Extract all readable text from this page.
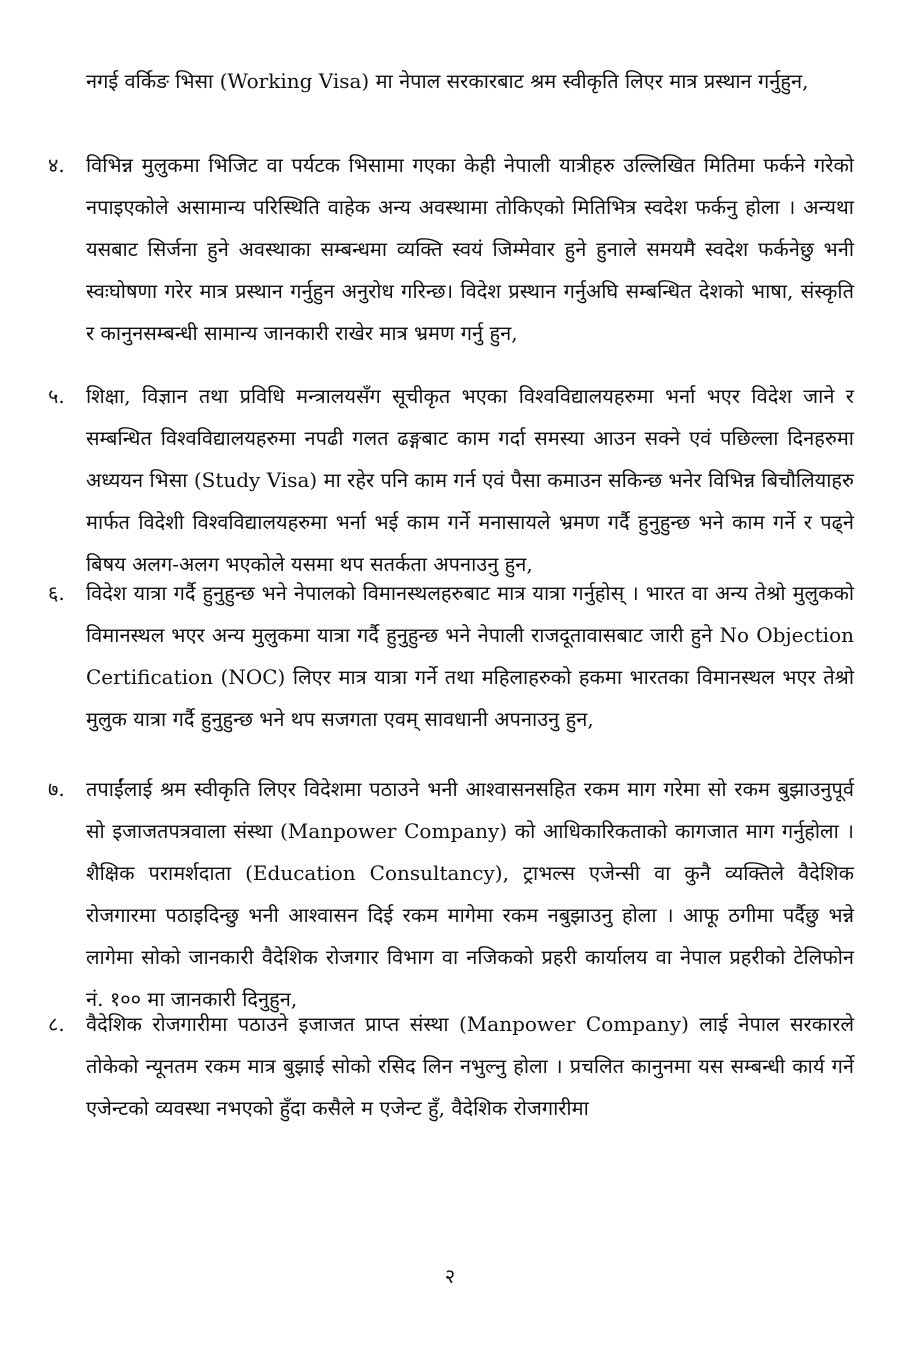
नगई वर्किङ भिसा (Working Visa) मा नेपाल सरकारबाट श्रम स्वीकृति लिएर मात्र प्रस्थान गर्नुहुन,

४.	विभिन्न मुलुकमा भिजिट वा पर्यटक भिसामा गएका केही नेपाली यात्रीहरु उल्लिखित मितिमा फर्कने गरेको नपाइएकोले असामान्य परिस्थिति वाहेक अन्य अवस्थामा तोकिएको मितिभित्र स्वदेश फर्कनु होला । अन्यथा यसबाट सिर्जना हुने अवस्थाका सम्बन्धमा व्यक्ति स्वयं जिम्मेवार हुने हुनाले समयमै स्वदेश फर्कनेछु भनी स्वःघोषणा गरेर मात्र प्रस्थान गर्नुहुन अनुरोध गरिन्छ। विदेश प्रस्थान गर्नुअघि सम्बन्धित देशको भाषा, संस्कृति र कानुनसम्बन्धी सामान्य जानकारी राखेर मात्र भ्रमण गर्नु हुन,
५.	शिक्षा, विज्ञान तथा प्रविधि मन्त्रालयसँग सूचीकृत भएका विश्वविद्यालयहरुमा भर्ना भएर विदेश जाने र सम्बन्धित विश्वविद्यालयहरुमा नपढी गलत ढङ्गबाट काम गर्दा समस्या आउन सक्ने एवं पछिल्ला दिनहरुमा अध्ययन भिसा (Study Visa) मा रहेर पनि काम गर्न एवं पैसा कमाउन सकिन्छ भनेर विभिन्न बिचौलियाहरु मार्फत विदेशी विश्वविद्यालयहरुमा भर्ना भई काम गर्ने मनासायले भ्रमण गर्दै हुनुहुन्छ भने काम गर्ने र पढ्ने बिषय अलग-अलग भएकोले यसमा थप सतर्कता अपनाउनु हुन,
६.	विदेश यात्रा गर्दै हुनुहुन्छ भने नेपालको विमानस्थलहरुबाट मात्र यात्रा गर्नुहोस् । भारत वा अन्य तेश्रो मुलुकको विमानस्थल भएर अन्य मुलुकमा यात्रा गर्दै हुनुहुन्छ भने नेपाली राजदूतावासबाट जारी हुने No Objection Certification (NOC) लिएर मात्र यात्रा गर्ने तथा महिलाहरुको हकमा भारतका विमानस्थल भएर तेश्रो मुलुक यात्रा गर्दै हुनुहुन्छ भने थप सजगता एवम् सावधानी अपनाउनु हुन,
७.	तपाईंलाई श्रम स्वीकृति लिएर विदेशमा पठाउने भनी आश्वासनसहित रकम माग गरेमा सो रकम बुझाउनुपूर्व सो इजाजतपत्रवाला संस्था (Manpower Company) को आधिकारिकताको कागजात माग गर्नुहोला । शैक्षिक परामर्शदाता (Education Consultancy), ट्राभल्स एजेन्सी वा कुनै व्यक्तिले वैदेशिक रोजगारमा पठाइदिन्छु भनी आश्वासन दिई रकम मागेमा रकम नबुझाउनु होला । आफू ठगीमा पर्दैछु भन्ने लागेमा सोको जानकारी वैदेशिक रोजगार विभाग वा नजिकको प्रहरी कार्यालय वा नेपाल प्रहरीको टेलिफोन नं. १०० मा जानकारी दिनुहुन,
८.	वैदेशिक रोजगारीमा पठाउने इजाजत प्राप्त संस्था (Manpower Company) लाई नेपाल सरकारले तोकेको न्यूनतम रकम मात्र बुझाई सोको रसिद लिन नभुल्नु होला । प्रचलित कानुनमा यस सम्बन्धी कार्य गर्ने एजेन्टको व्यवस्था नभएको हुँदा कसैले म एजेन्ट हुँ, वैदेशिक रोजगारीमा
२
